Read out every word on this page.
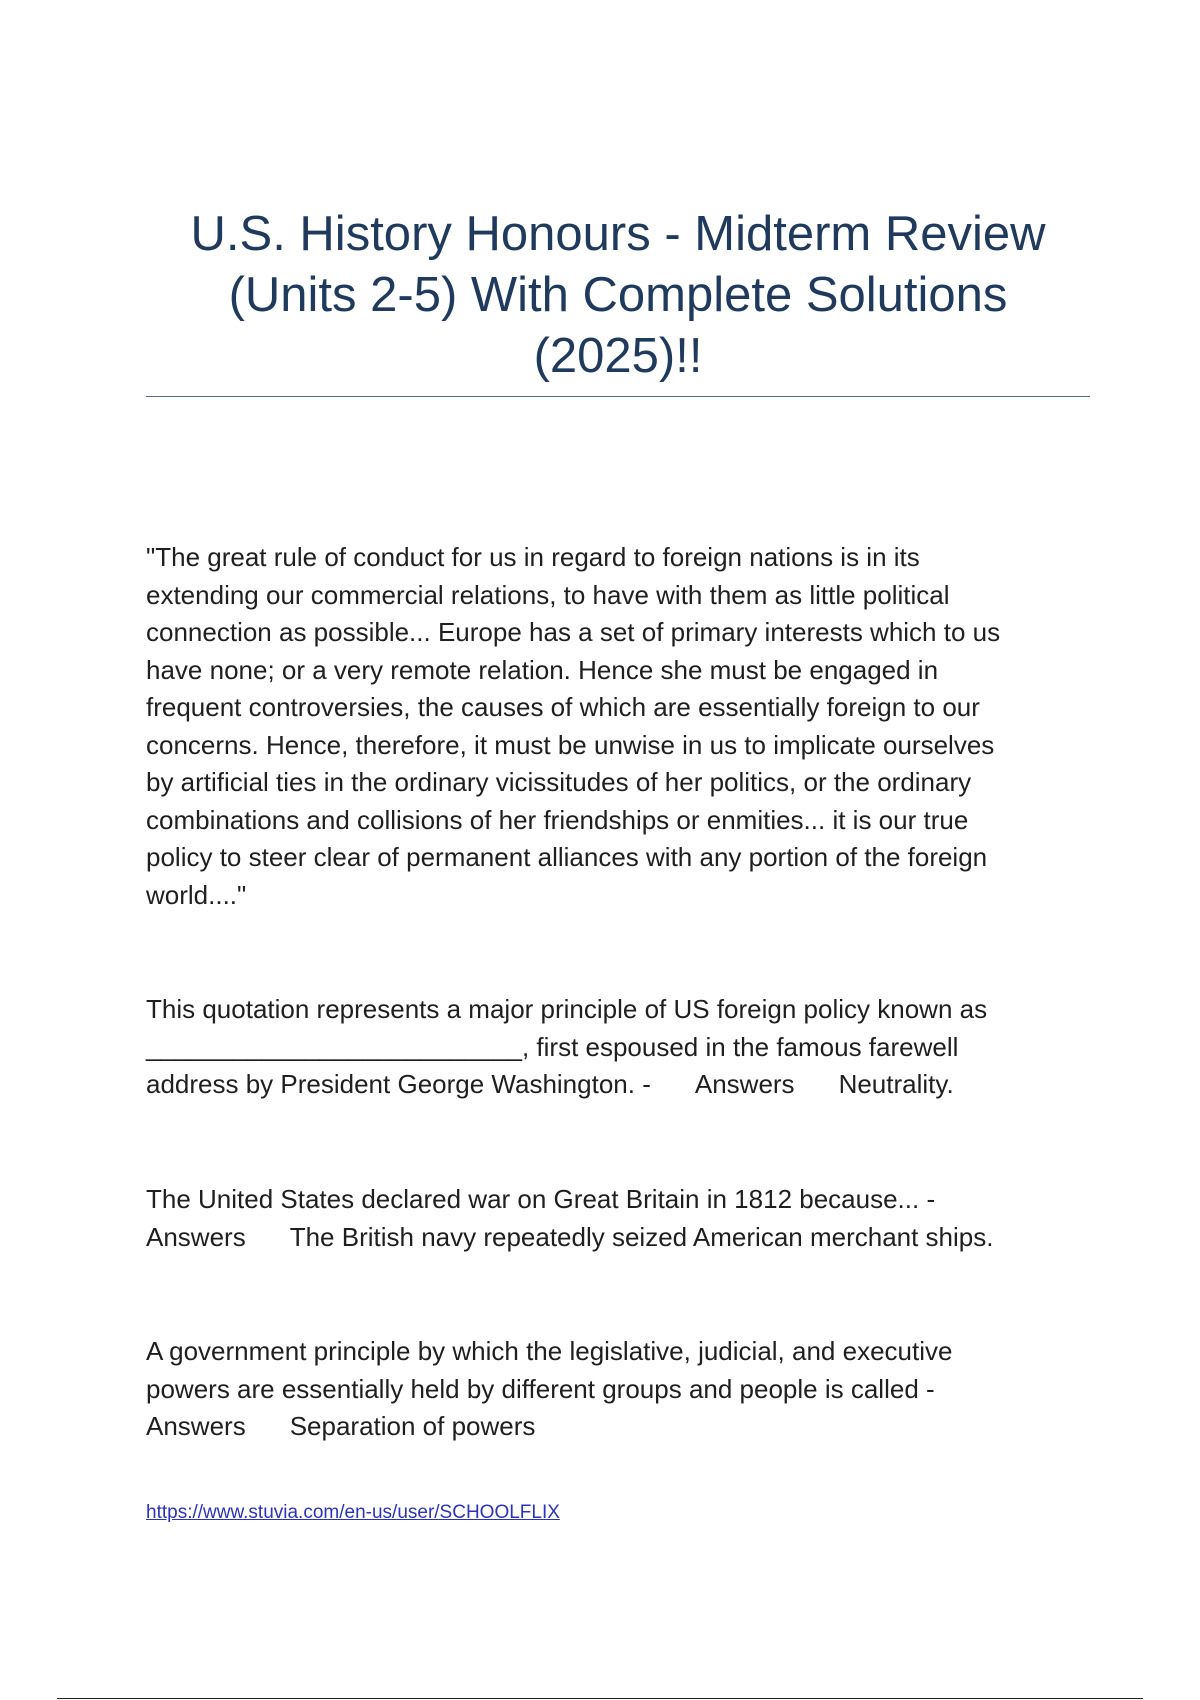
U.S. History Honours - Midterm Review
(Units 2-5) With Complete Solutions
(2025)!!

"The great rule of conduct for us in regard to foreign nations is in its
extending our commercial relations, to have with them as little political
connection as possible... Europe has a set of primary interests which to us
have none; or a very remote relation. Hence she must be engaged in
frequent controversies, the causes of which are essentially foreign to our
concerns. Hence, therefore, it must be unwise in us to implicate ourselves
by artificial ties in the ordinary vicissitudes of her politics, or the ordinary
combinations and collisions of her friendships or enmities... it is our true
policy to steer clear of permanent alliances with any portion of the foreign
world...."

This quotation represents a major principle of US foreign policy known as
__________________________, first espoused in the famous farewell
address by President George Washington. - Answers Neutrality.

The United States declared war on Great Britain in 1812 because... -
Answers The British navy repeatedly seized American merchant ships.

A government principle by which the legislative, judicial, and executive
powers are essentially held by different groups and people is called -
Answers Separation of powers

https://www.stuvia.com/en-us/user/SCHOOLFLIX
